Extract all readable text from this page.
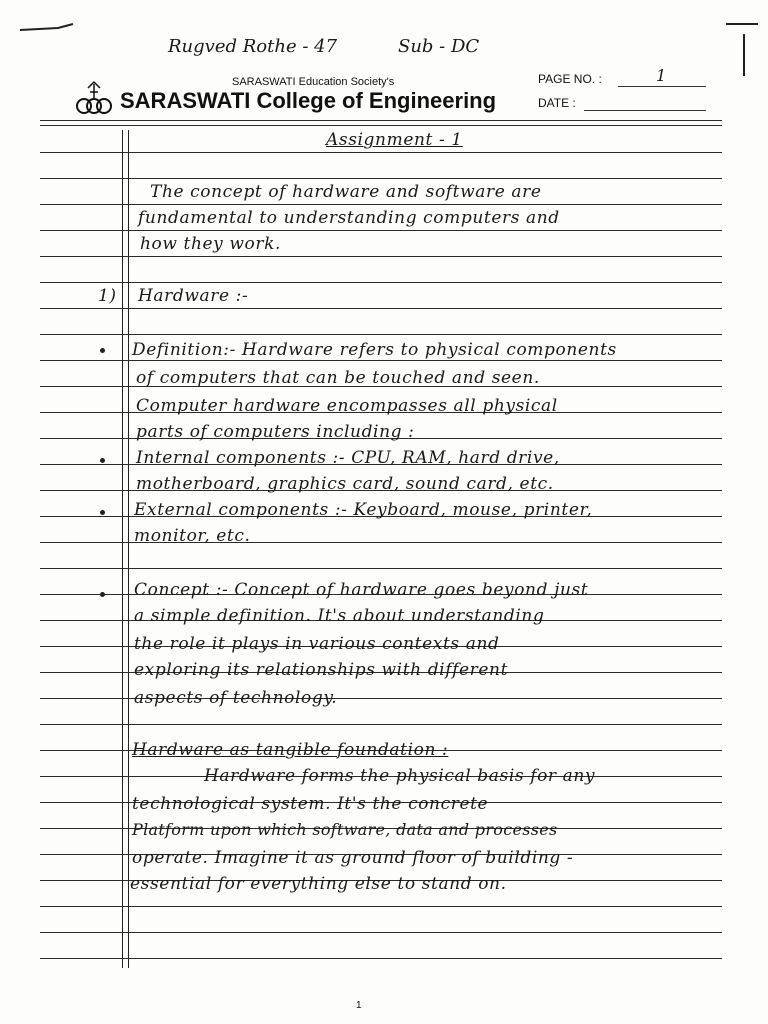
Rugved Rothe - 47	Sub - DC
SARASWATI Education Society's
SARASWATI College of Engineering
PAGE NO. :	1
DATE :
Assignment - 1
The concept of hardware and software are
fundamental to understanding computers and
how they work.
1) Hardware :-
Definition:- Hardware refers to physical components
of computers that can be touched and seen.
Computer hardware encompasses all physical
parts of computers including :
Internal components :- CPU, RAM, hard drive,
motherboard, graphics card, sound card, etc.
External components :- Keyboard, mouse, printer,
monitor, etc.
Concept :- Concept of hardware goes beyond just
a simple definition. It's about understanding
the role it plays in various contexts and
exploring its relationships with different
aspects of technology.
Hardware as tangible foundation :
Hardware forms the physical basis for any
technological system. It's the concrete
Platform upon which software, data and processes
operate. Imagine it as ground floor of building -
essential for everything else to stand on.
1
